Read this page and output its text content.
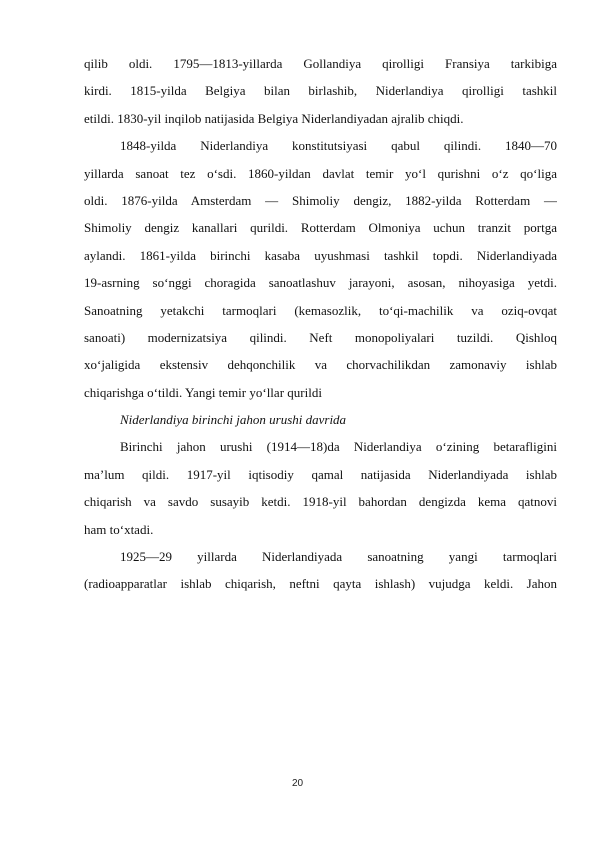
qilib oldi. 1795—1813-yillarda Gollandiya qirolligi Fransiya tarkibiga
kirdi. 1815-yilda Belgiya bilan birlashib, Niderlandiya qirolligi tashkil
etildi. 1830-yil inqilob natijasida Belgiya Niderlandiyadan ajralib chiqdi.
1848-yilda Niderlandiya konstitutsiyasi qabul qilindi. 1840—70
yillarda sanoat tez o‘sdi. 1860-yildan davlat temir yo‘l qurishni o‘z qo‘liga
oldi. 1876-yilda Amsterdam — Shimoliy dengiz, 1882-yilda Rotterdam —
Shimoliy dengiz kanallari qurildi. Rotterdam Olmoniya uchun tranzit portga
aylandi. 1861-yilda birinchi kasaba uyushmasi tashkil topdi. Niderlandiyada
19-asrning so‘nggi choragida sanoatlashuv jarayoni, asosan, nihoyasiga yetdi.
Sanoatning yetakchi tarmoqlari (kemasozlik, to‘qi-machilik va oziq-ovqat
sanoati) modernizatsiya qilindi. Neft monopoliyalari tuzildi. Qishloq
xo‘jaligida ekstensiv dehqonchilik va chorvachilikdan zamonaviy ishlab
chiqarishga o‘tildi. Yangi temir yo‘llar qurildi
Niderlandiya birinchi jahon urushi davrida
Birinchi jahon urushi (1914—18)da Niderlandiya o‘zining betarafligini
ma’lum qildi. 1917-yil iqtisodiy qamal natijasida Niderlandiyada ishlab
chiqarish va savdo susayib ketdi. 1918-yil bahordan dengizda kema qatnovi
ham to‘xtadi.
1925—29 yillarda Niderlandiyada sanoatning yangi tarmoqlari
(radioapparatlar ishlab chiqarish, neftni qayta ishlash) vujudga keldi. Jahon
20
